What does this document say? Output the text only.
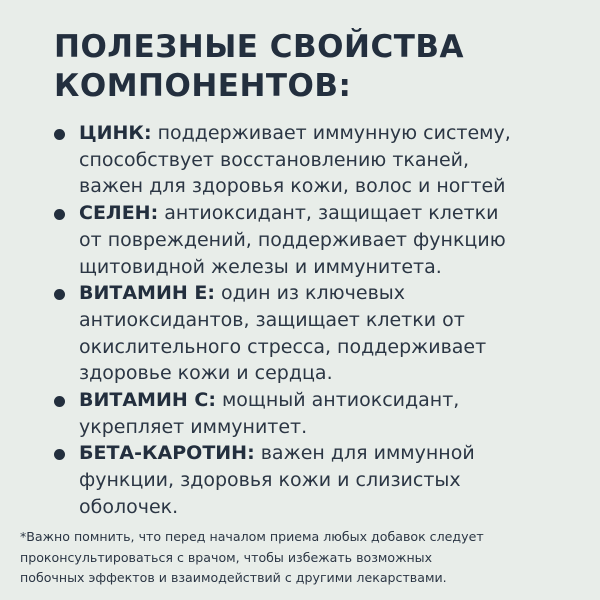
ПОЛЕЗНЫЕ СВОЙСТВА
КОМПОНЕНТОВ:
ЦИНК: поддерживает иммунную систему,
способствует восстановлению тканей,
важен для здоровья кожи, волос и ногтей
СЕЛЕН: антиоксидант, защищает клетки
от повреждений, поддерживает функцию
щитовидной железы и иммунитета.
ВИТАМИН Е: один из ключевых
антиоксидантов, защищает клетки от
окислительного стресса, поддерживает
здоровье кожи и сердца.
ВИТАМИН С: мощный антиоксидант,
укрепляет иммунитет.
БЕТА-КАРОТИН: важен для иммунной
функции, здоровья кожи и слизистых
оболочек.

*Важно помнить, что перед началом приема любых добавок следует
проконсультироваться с врачом, чтобы избежать возможных
побочных эффектов и взаимодействий с другими лекарствами.
